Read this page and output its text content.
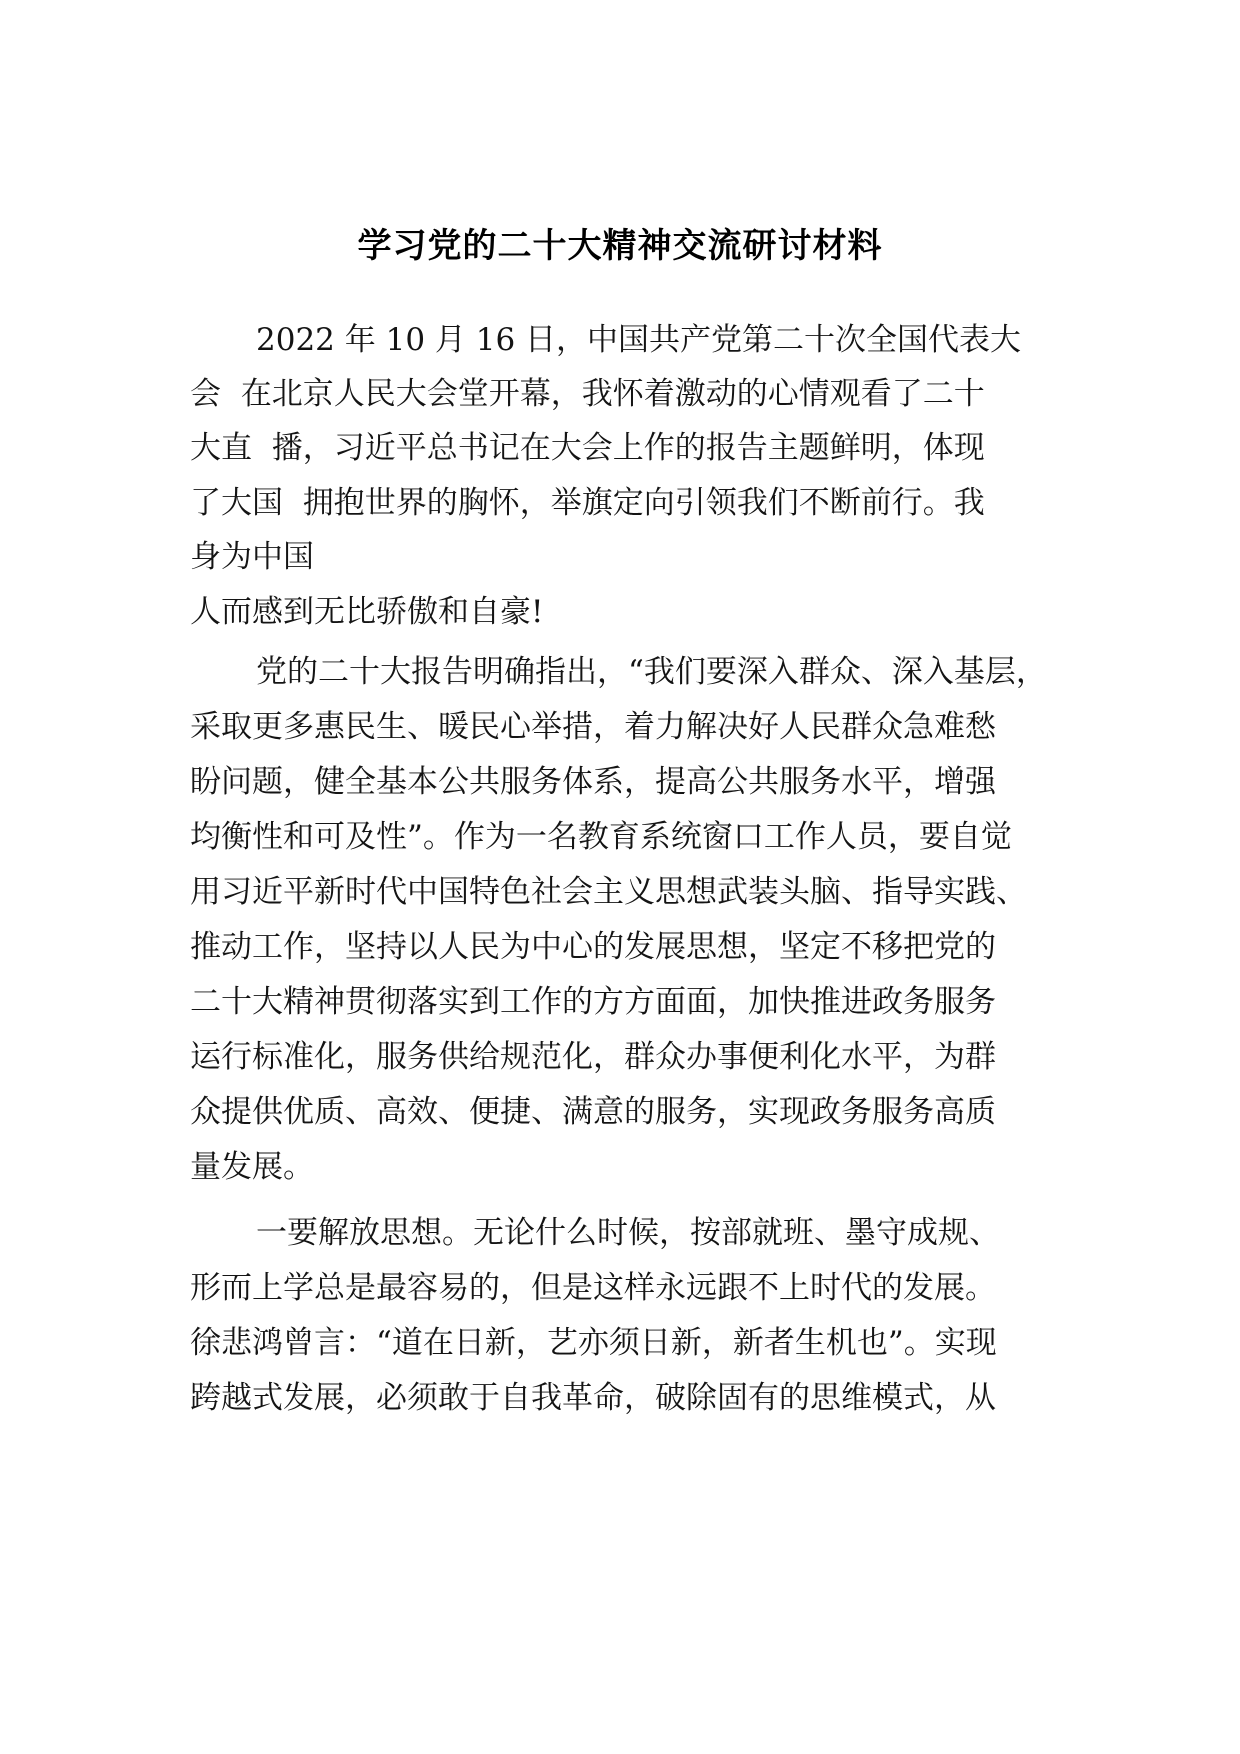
学习党的二十大精神交流研讨材料
2022 年 10 月 16 日，中国共产党第二十次全国代表大
会  在北京人民大会堂开幕，我怀着激动的心情观看了二十
大直  播，习近平总书记在大会上作的报告主题鲜明，体现
了大国  拥抱世界的胸怀，举旗定向引领我们不断前行。我
身为中国
人而感到无比骄傲和自豪!
党的二十大报告明确指出，“我们要深入群众、深入基层，
采取更多惠民生、暖民心举措，着力解决好人民群众急难愁
盼问题，健全基本公共服务体系，提高公共服务水平，增强
均衡性和可及性”。作为一名教育系统窗口工作人员，要自觉
用习近平新时代中国特色社会主义思想武装头脑、指导实践、
推动工作，坚持以人民为中心的发展思想，坚定不移把党的
二十大精神贯彻落实到工作的方方面面，加快推进政务服务
运行标准化，服务供给规范化，群众办事便利化水平，为群
众提供优质、高效、便捷、满意的服务，实现政务服务高质
量发展。
一要解放思想。无论什么时候，按部就班、墨守成规、
形而上学总是最容易的，但是这样永远跟不上时代的发展。
徐悲鸿曾言：“道在日新，艺亦须日新，新者生机也”。实现
跨越式发展，必须敢于自我革命，破除固有的思维模式，从
